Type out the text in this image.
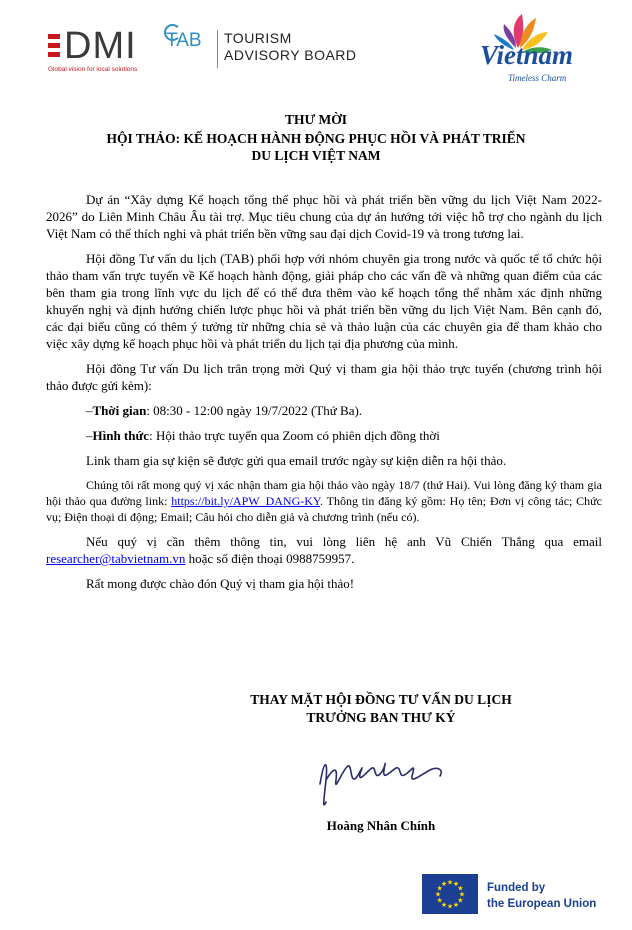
DMI
Global vision for local solutions
TAB TOURISM
ADVISORY BOARD	Vietnam
Timeless Charm
THƯ MỜI
HỘI THẢO: KẾ HOẠCH HÀNH ĐỘNG PHỤC HỒI VÀ PHÁT TRIỂN
DU LỊCH VIỆT NAM

Dự án “Xây dựng Kế hoạch tổng thể phục hồi và phát triển bền vững du lịch Việt Nam 2022-2026” do Liên Minh Châu Âu tài trợ. Mục tiêu chung của dự án hướng tới việc hỗ trợ cho ngành du lịch Việt Nam có thể thích nghi và phát triển bền vững sau đại dịch Covid-19 và trong tương lai.

Hội đồng Tư vấn du lịch (TAB) phối hợp với nhóm chuyên gia trong nước và quốc tế tổ chức hội thảo tham vấn trực tuyến về Kế hoạch hành động, giải pháp cho các vấn đề và những quan điểm của các bên tham gia trong lĩnh vực du lịch để có thể đưa thêm vào kế hoạch tổng thể nhằm xác định những khuyến nghị và định hướng chiến lược phục hồi và phát triển bền vững du lịch Việt Nam. Bên cạnh đó, các đại biểu cũng có thêm ý tưởng từ những chia sẻ và thảo luận của các chuyên gia để tham khảo cho việc xây dựng kế hoạch phục hồi và phát triển du lịch tại địa phương của mình.

Hội đồng Tư vấn Du lịch trân trọng mời Quý vị tham gia hội thảo trực tuyến (chương trình hội thảo được gửi kèm):

–Thời gian: 08:30 - 12:00 ngày 19/7/2022 (Thứ Ba).

–Hình thức: Hội thảo trực tuyến qua Zoom có phiên dịch đồng thời

Link tham gia sự kiện sẽ được gửi qua email trước ngày sự kiện diễn ra hội thảo.

Chúng tôi rất mong quý vị xác nhận tham gia hội thảo vào ngày 18/7 (thứ Hai). Vui lòng đăng ký tham gia hội thảo qua đường link: https://bit.ly/APW_DANG-KY. Thông tin đăng ký gồm: Họ tên; Đơn vị công tác; Chức vụ; Điện thoại di động; Email; Câu hỏi cho diễn giả và chương trình (nếu có).

Nếu quý vị cần thêm thông tin, vui lòng liên hệ anh Vũ Chiến Thắng qua email researcher@tabvietnam.vn hoặc số điện thoại 0988759957.

Rất mong được chào đón Quý vị tham gia hội thảo!

THAY MẶT HỘI ĐỒNG TƯ VẤN DU LỊCH
TRƯỞNG BAN THƯ KÝ
Hoàng Nhân Chính
★
★
★
★
★
★
★
★
★ ★ ★
★ Funded by
the European Union
